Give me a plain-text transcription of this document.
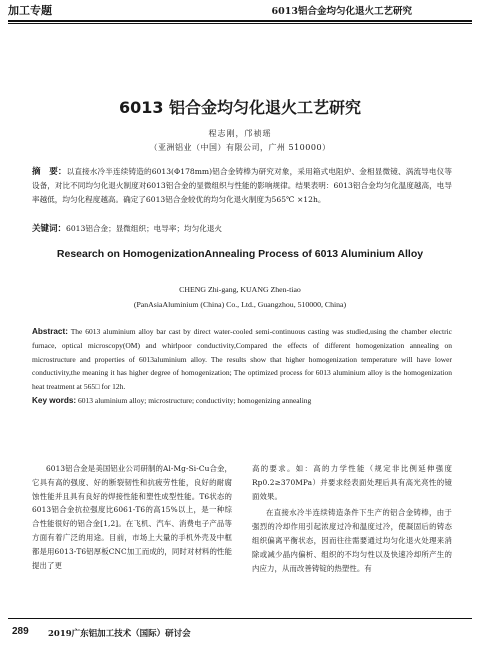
加工专题	6013铝合金均匀化退火工艺研究
6013 铝合金均匀化退火工艺研究
程志刚，邝祯瑶
（亚洲铝业（中国）有限公司，广州 510000）
摘　要：以直接水冷半连续铸造的6013(Φ178mm)铝合金铸棒为研究对象，采用箱式电阻炉、金相显微镜、涡流导电仪等设备，对比不同均匀化退火制度对6013铝合金的显微组织与性能的影响规律。结果表明：6013铝合金均匀化温度越高，电导率越低，均匀化程度越高。确定了6013铝合金较优的均匀化退火制度为565℃ ×12h。
关键词：6013铝合金；显微组织；电导率；均匀化退火
Research on HomogenizationAnnealing Process of 6013 Aluminium Alloy
CHENG Zhi-gang, KUANG Zhen-tiao
(PanAsiaAluminium (China) Co., Ltd., Guangzhou, 510000, China)
Abstract: The 6013 aluminium alloy bar cast by direct water-cooled semi-continuous casting was studied,using the chamber electric furnace, optical microscopy(OM) and whirlpoor conductivity,Compared the effects of different homogenization annealing on microstructure and properties of 6013aluminium alloy. The results show that higher homogenization temperature will have lower conductivity,the meaning it has higher degree of homogenization; The optimized process for 6013 aluminium alloy is the homogenization heat treatment at 565□ for 12h.
Key words: 6013 aluminium alloy; microstructure; conductivity; homogenizing annealing

6013铝合金是美国铝业公司研制的Al-Mg-Si-Cu合金，它具有高的强度、好的断裂韧性和抗疲劳性能，良好的耐腐蚀性能并且具有良好的焊接性能和塑性成型性能。T6状态的6013铝合金抗拉强度比6061-T6的高15%以上，是一种综合性能很好的铝合金[1,2]。在飞机、汽车、消费电子产品等方面有着广泛的用途。目前，市场上大量的手机外壳及中框都是用6013-T6铝厚板CNC加工而成的，同时对材料的性能提出了更

高的要求。如：高的力学性能（规定非比例延伸强度Rp0.2≥370MPa）并要求经表面处理后具有高光亮性的镜面效果。

在直接水冷半连续铸造条件下生产的铝合金铸棒，由于强烈的冷却作用引起浓度过冷和温度过冷，使凝固后的铸态组织偏离平衡状态，因而往往需要通过均匀化退火处理来消除或减少晶内偏析、组织的不均匀性以及快速冷却所产生的内应力，从而改善铸锭的热塑性。有

289 2019广东铝加工技术（国际）研讨会
